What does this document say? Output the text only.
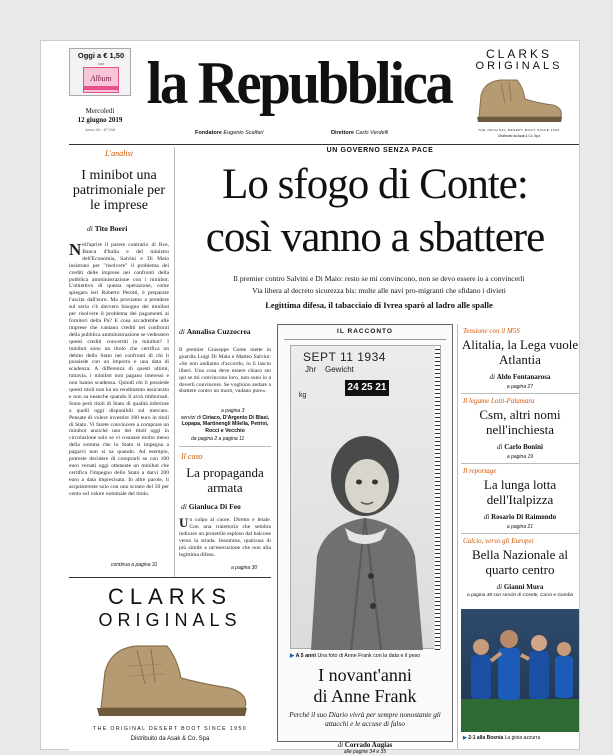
Oggi a € 1,50
con
Album
Mercoledì
12 giugno 2019
Anno 44 - N°138
la Repubblica
Fondatore Eugenio Scalfari	Direttore Carlo Verdelli
CLARKS
ORIGINALS
THE ORIGINAL DESERT BOOT SINCE 1950
Distribuito da Asak & Co. Spa
L'analisi
I minibot una patrimoniale per le imprese
di Tito Boeri

Nell'aprire il parere contrario di Bce, Banca d'Italia e del ministro dell'Economia, Salvini e Di Maio insistono per "risolvere" il problema dei crediti delle imprese nei confronti della pubblica amministrazione con i minibot. L'obiettivo di questa operazione, come spiegato ieri Roberto Perotti, è preparare l'uscita dall'euro. Ma proviamo a prendere sul serio c'è davvero bisogno dei minibot per risolvere il problema dei pagamenti ai fornitori della Pa? E cosa accadrebbe alle imprese che vantano crediti nei confronti della pubblica amministrazione se vedessero questi crediti convertiti in minibot? I minibot sono un titolo che certifica un debito dello Stato nei confronti di chi li possiede con un importo e una data di scadenza. A differenza di questi ultimi, tuttavia, i minibot non pagano interessi e non hanno scadenza. Quindi chi li possiede questi titoli non ha un rendimento assicurato e non sa neanche quando li avrà rimborsati. Sono però titoli di Stato di qualità inferiore a quelli oggi disponibili sul mercato. Pensate di volere investire 100 euro in titoli di Stato. Vi farete convincere a comprare un minibot anziché uno dei titoli oggi in circolazione solo se vi costasse molto meno della somma che lo Stato si impegna a pagarvi non si sa quando. Ad esempio, potreste decidere di comprarli se con 100 euro versati oggi otteneste un minibot che certifica l'impegno dello Stato a darvi 200 euro a data imprecisata. In altre parole, li acquistereste solo con uno sconto del 50 per cento sul valore nominale del titolo.

continua a pagina 31
UN GOVERNO SENZA PACE
Lo sfogo di Conte:
così vanno a sbattere
Il premier contro Salvini e Di Maio: resto se mi convincono, non se devo essere io a convincerli
Via libera al decreto sicurezza bis: multe alle navi pro-migranti che sfidano i divieti
Legittima difesa, il tabacciaio di Ivrea sparò al ladro alle spalle
di Annalisa Cuzzocrea

Il premier Giuseppe Conte mette in guardia Luigi Di Maio e Matteo Salvini: «Se non andiamo d'accordo, io li lascio liberi. Una cosa deve essere chiaro sto qui se mi convincono loro, non sono io a doverli convincere. Se vogliono andare a sbattere contro un muro, vadano pure».

a pagina 3
servizi di Ciriaco, D'Argenio Di Blasi, Lopapa, Martinengli Milella, Petrini, Rocci e Vecchio
da pagina 2 a pagina 11
Il caso
La propaganda armata
di Gianluca Di Feo

Un colpo al cuore. Diretto e letale. Con una traiettoria che sembra indicare un proiettile esploso dal balcone verso la strada. Insomma, qualcosa di più simile a un'esecuzione che non alla legittima difesa.

a pagina 30
IL RACCONTO
SEPT 11 1934
Jhr    Gewicht
kg
24 25 21
▶ A 5 anni Una foto di Anne Frank con la data e il peso
I novant'anni
di Anne Frank
Perché il suo Diario vivrà per sempre nonostante gli attacchi e le accuse di falso
di Corrado Augias
alle pagine 34 e 35
Tensione con il M5S
Alitalia, la Lega vuole Atlantia
di Aldo Fontanarosa
a pagina 27
Il legame Lotti-Palamara
Csm, altri nomi nell'inchiesta
di Carlo Bonini
a pagina 19
Il reportage
La lunga lotta dell'Italpizza
di Rosario Di Raimondo
a pagina 21
Calcio, verso gli Europei
Bella Nazionale al quarto centro
di Gianni Mura
a pagina 38 con servizi di Cosetti, Curro e Gamba
▶ 2-1 alla Bosnia La gioia azzurra
CLARKS
ORIGINALS
THE ORIGINAL DESERT BOOT SINCE 1950
Distribuito da Asak & Co. Spa
